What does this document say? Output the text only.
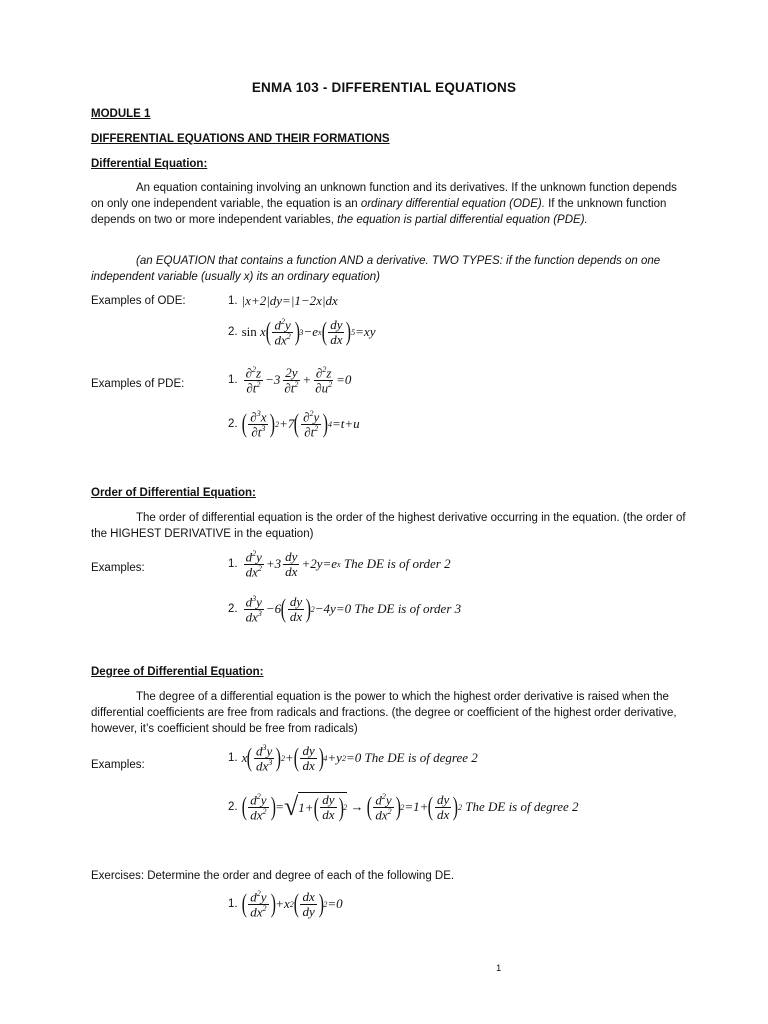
ENMA 103 - DIFFERENTIAL EQUATIONS
MODULE 1
DIFFERENTIAL EQUATIONS AND THEIR FORMATIONS
Differential Equation:
An equation containing involving an unknown function and its derivatives. If the unknown function depends on only one independent variable, the equation is an ordinary differential equation (ODE). If the unknown function depends on two or more independent variables, the equation is partial differential equation (PDE).
(an EQUATION that contains a function AND a derivative. TWO TYPES: if the function depends on one independent variable (usually x) its an ordinary equation)
Examples of ODE:	1. |x+2|dy=|1−2x|dx
2. sin x ( $\frac{d^2y}{dx^2}$ ) 3 −e x ( $\frac{dy}{dx}$ ) 5 =xy
Examples of PDE:	1. $\frac{\partial^2z}{\partial t^2} -3 \frac{2y}{\partial t^2} + \frac{\partial^2z}{\partial u^2} =0$
2. ( $\frac{\partial^3x}{\partial t^3}$ ) 2 +7 ( $\frac{\partial^2y}{\partial t^2}$ ) 4 =t+u
Order of Differential Equation:
The order of differential equation is the order of the highest derivative occurring in the equation. (the order of the HIGHEST DERIVATIVE in the equation)
Examples:	1. $\frac{d^2y}{dx^2} +3 \frac{dy}{dx} +2y=e$ x
The DE is of order 2
2. $\frac{d^3y}{dx^3} -6$ ( $\frac{dy}{dx}$ ) 2 −4y=0 The DE is of order 3
Degree of Differential Equation:
The degree of a differential equation is the power to which the highest order derivative is raised when the differential coefficients are free from radicals and fractions. (the degree or coefficient of the highest order derivative, however, it’s coefficient should be free from radicals)
Examples:
1. x ( $\frac{d^3y}{dx^3}$ ) 2 + ( $\frac{dy}{dx}$ ) 4 +y 2 =0 The DE is of degree 2
2. ( $\frac{d^2y}{dx^2}$ ) = √ 1+ ( $\frac{dy}{dx}$ ) 2 → ( $\frac{d^2y}{dx^2}$ ) 2 =1+ ( $\frac{dy}{dx}$ ) 2
The DE is of degree 2
Exercises: Determine the order and degree of each of the following DE.
1. ( $\frac{d^2y}{dx^2}$ ) +x 2 ( $\frac{dx}{dy}$ ) 2 =0
1
